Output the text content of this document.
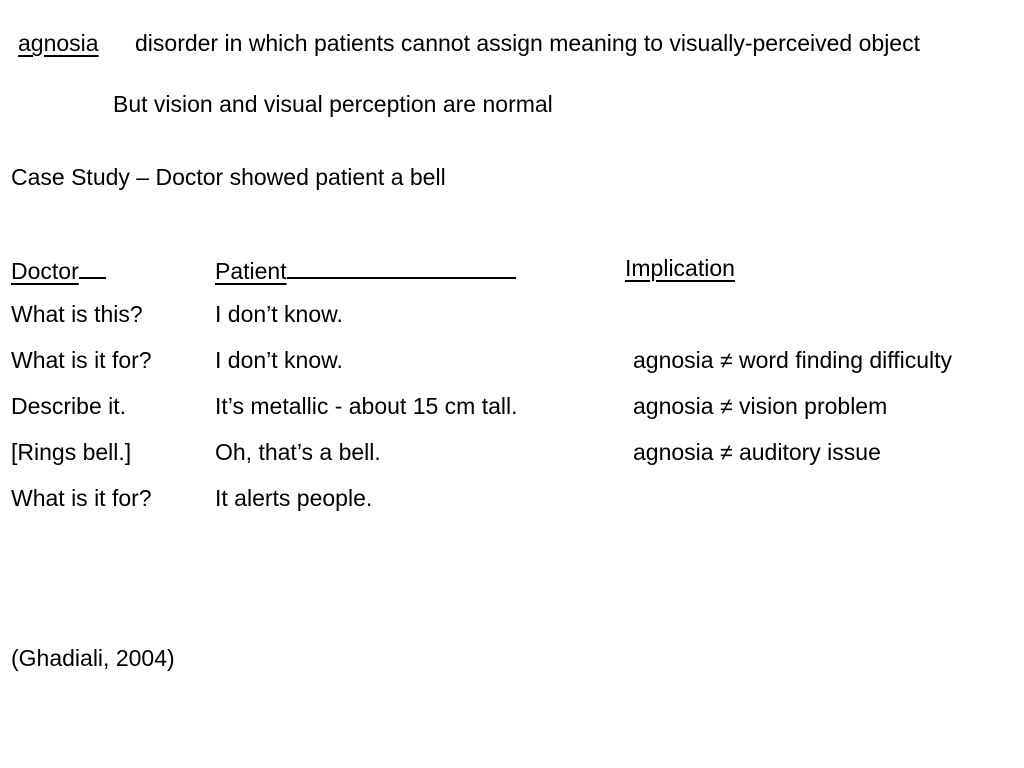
agnosia disorder in which patients cannot assign meaning to visually-perceived object
But vision and visual perception are normal
Case Study – Doctor showed patient a bell
Doctor	Patient	Implication
What is this?	I don’t know.
What is it for?	I don’t know.	agnosia ≠ word finding difficulty
Describe it.	It’s metallic - about 15 cm tall.	agnosia ≠ vision problem
[Rings bell.]	Oh, that’s a bell.	agnosia ≠ auditory issue
What is it for?	It alerts people.
(Ghadiali, 2004)
